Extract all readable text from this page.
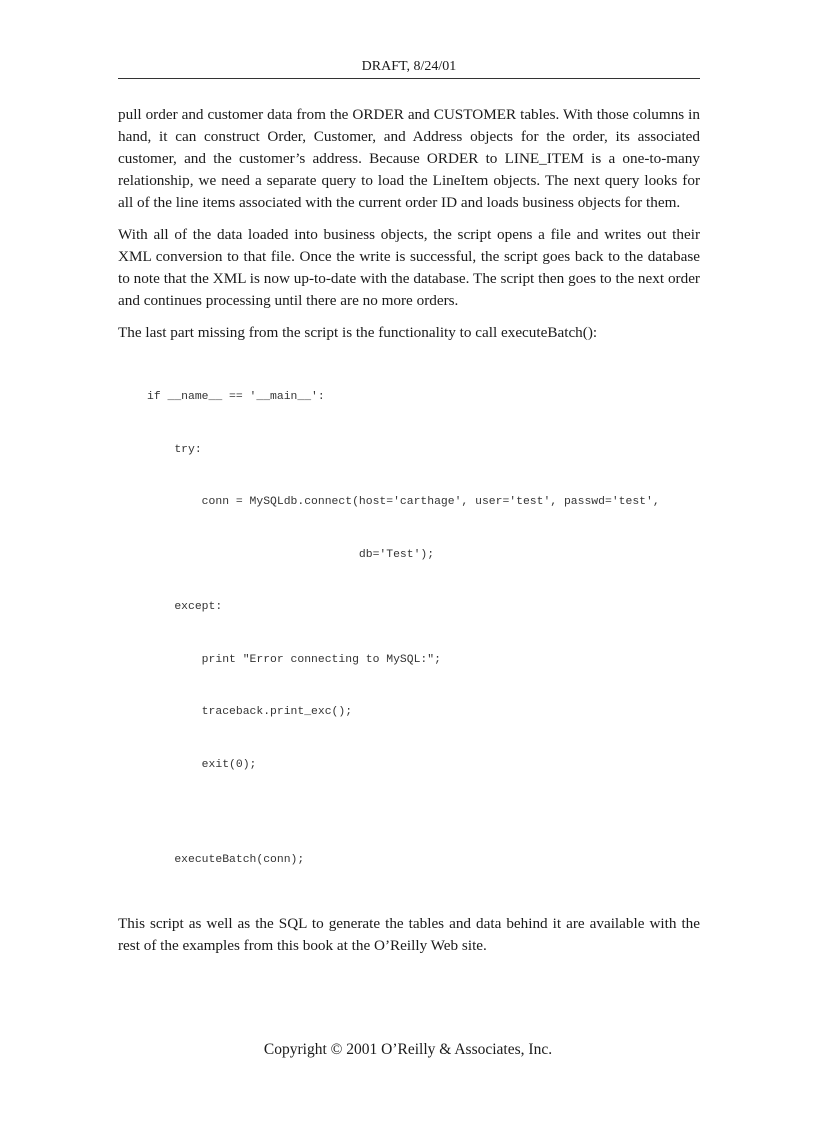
DRAFT, 8/24/01

pull order and customer data from the ORDER and CUSTOMER tables. With those columns in hand, it can construct Order, Customer, and Address objects for the order, its associated customer, and the customer’s address. Because ORDER to LINE_ITEM is a one-to-many relationship, we need a separate query to load the LineItem objects. The next query looks for all of the line items associated with the current order ID and loads business objects for them.

With all of the data loaded into business objects, the script opens a file and writes out their XML conversion to that file. Once the write is successful, the script goes back to the database to note that the XML is now up-to-date with the database. The script then goes to the next order and continues processing until there are no more orders.

The last part missing from the script is the functionality to call executeBatch():

if __name__ == '__main__':

try:

conn = MySQLdb.connect(host='carthage', user='test', passwd='test',

db='Test');

except:

print "Error connecting to MySQL:";

traceback.print_exc();

exit(0);

executeBatch(conn);

This script as well as the SQL to generate the tables and data behind it are available with the rest of the examples from this book at the O’Reilly Web site.

Copyright © 2001 O’Reilly & Associates, Inc.
